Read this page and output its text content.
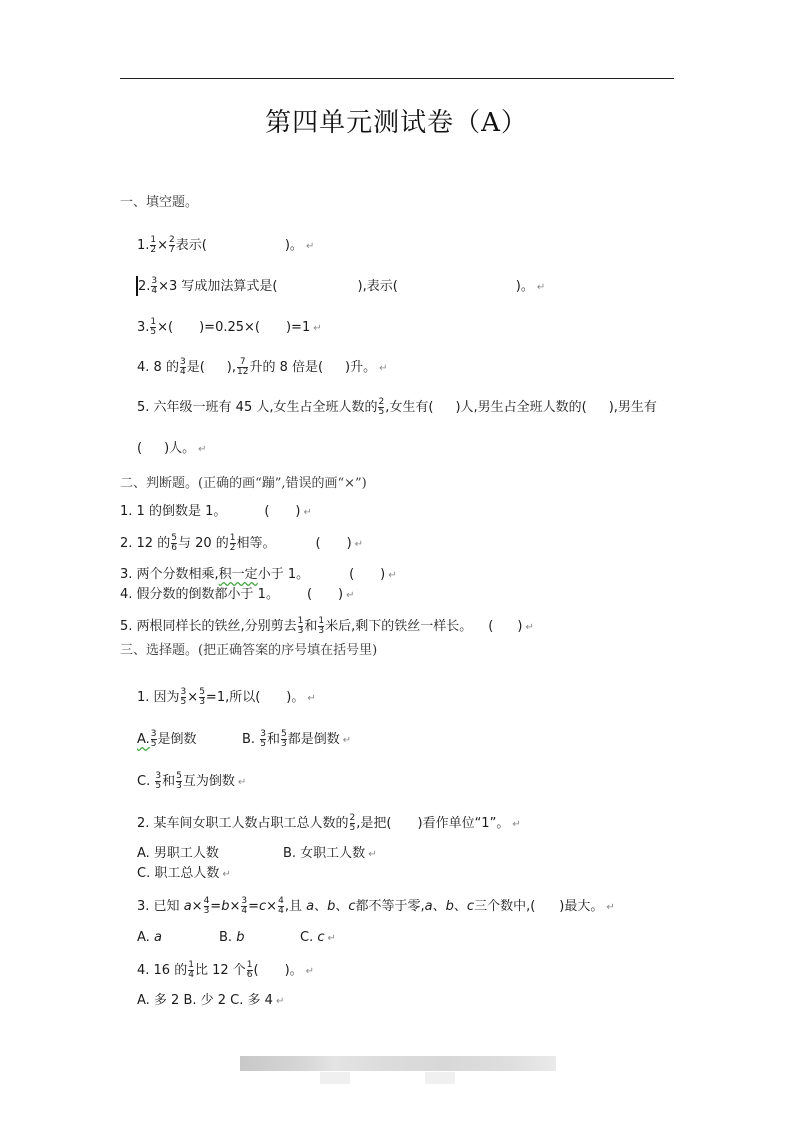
第四单元测试卷（A）
一、填空题。
1. $\frac{1}{2} \times \frac{2}{7}$ 表示(	)。 ↵
2. $\frac{3}{4} \times 3$ 写成加法算式是(	),表示(	)。 ↵
3. $\frac{1}{5}$ ×( )=0.25×( )=1 ↵
4. 8 的 $\frac{3}{4}$ 是( ), $\frac{7}{12}$ 升的 8 倍是( )升。 ↵
5. 六年级一班有 45 人,女生占全班人数的 $\frac{2}{5}$ ,女生有( )人,男生占全班人数的( ),男生有
( )人。 ↵
二、判断题。(正确的画“蹦”,错误的画“×”)
1. 1 的倒数是 1。	( ) ↵
2. 12 的 $\frac{5}{6}$ 与 20 的 $\frac{1}{2}$ 相等。	( ) ↵
3. 两个分数相乘,积一定小于 1。	( ) ↵
4. 假分数的倒数都小于 1。 ( ) ↵
5. 两根同样长的铁丝,分别剪去 $\frac{1}{3}$ 和 $\frac{1}{3}$ 米后,剩下的铁丝一样长。 ( ) ↵
三、选择题。(把正确答案的序号填在括号里)
1. 因为 $\frac{3}{5} \times \frac{5}{3} =1$,所以( )。 ↵
A. $\frac{3}{5}$ 是倒数	B. $\frac{3}{5}$ 和 $\frac{5}{3}$ 都是倒数 ↵
C. $\frac{3}{5}$ 和 $\frac{5}{3}$ 互为倒数 ↵
2. 某车间女职工人数占职工总人数的 $\frac{2}{5}$ ,是把( )看作单位“1”。 ↵
A. 男职工人数	B. 女职工人数 ↵
C. 职工总人数 ↵
3. 已知 $a\times \frac{4}{3} =b\times \frac{3}{4} =c\times \frac{4}{4}$ ,且 a、b、c都不等于零,a、b、c三个数中,( )最大。 ↵
A. a	B. b	C. c ↵
4. 16 的 $\frac{1}{4}$ 比 12 个 $\frac{1}{6}$ ( )。 ↵
A. 多 2 B. 少 2 C. 多 4 ↵
